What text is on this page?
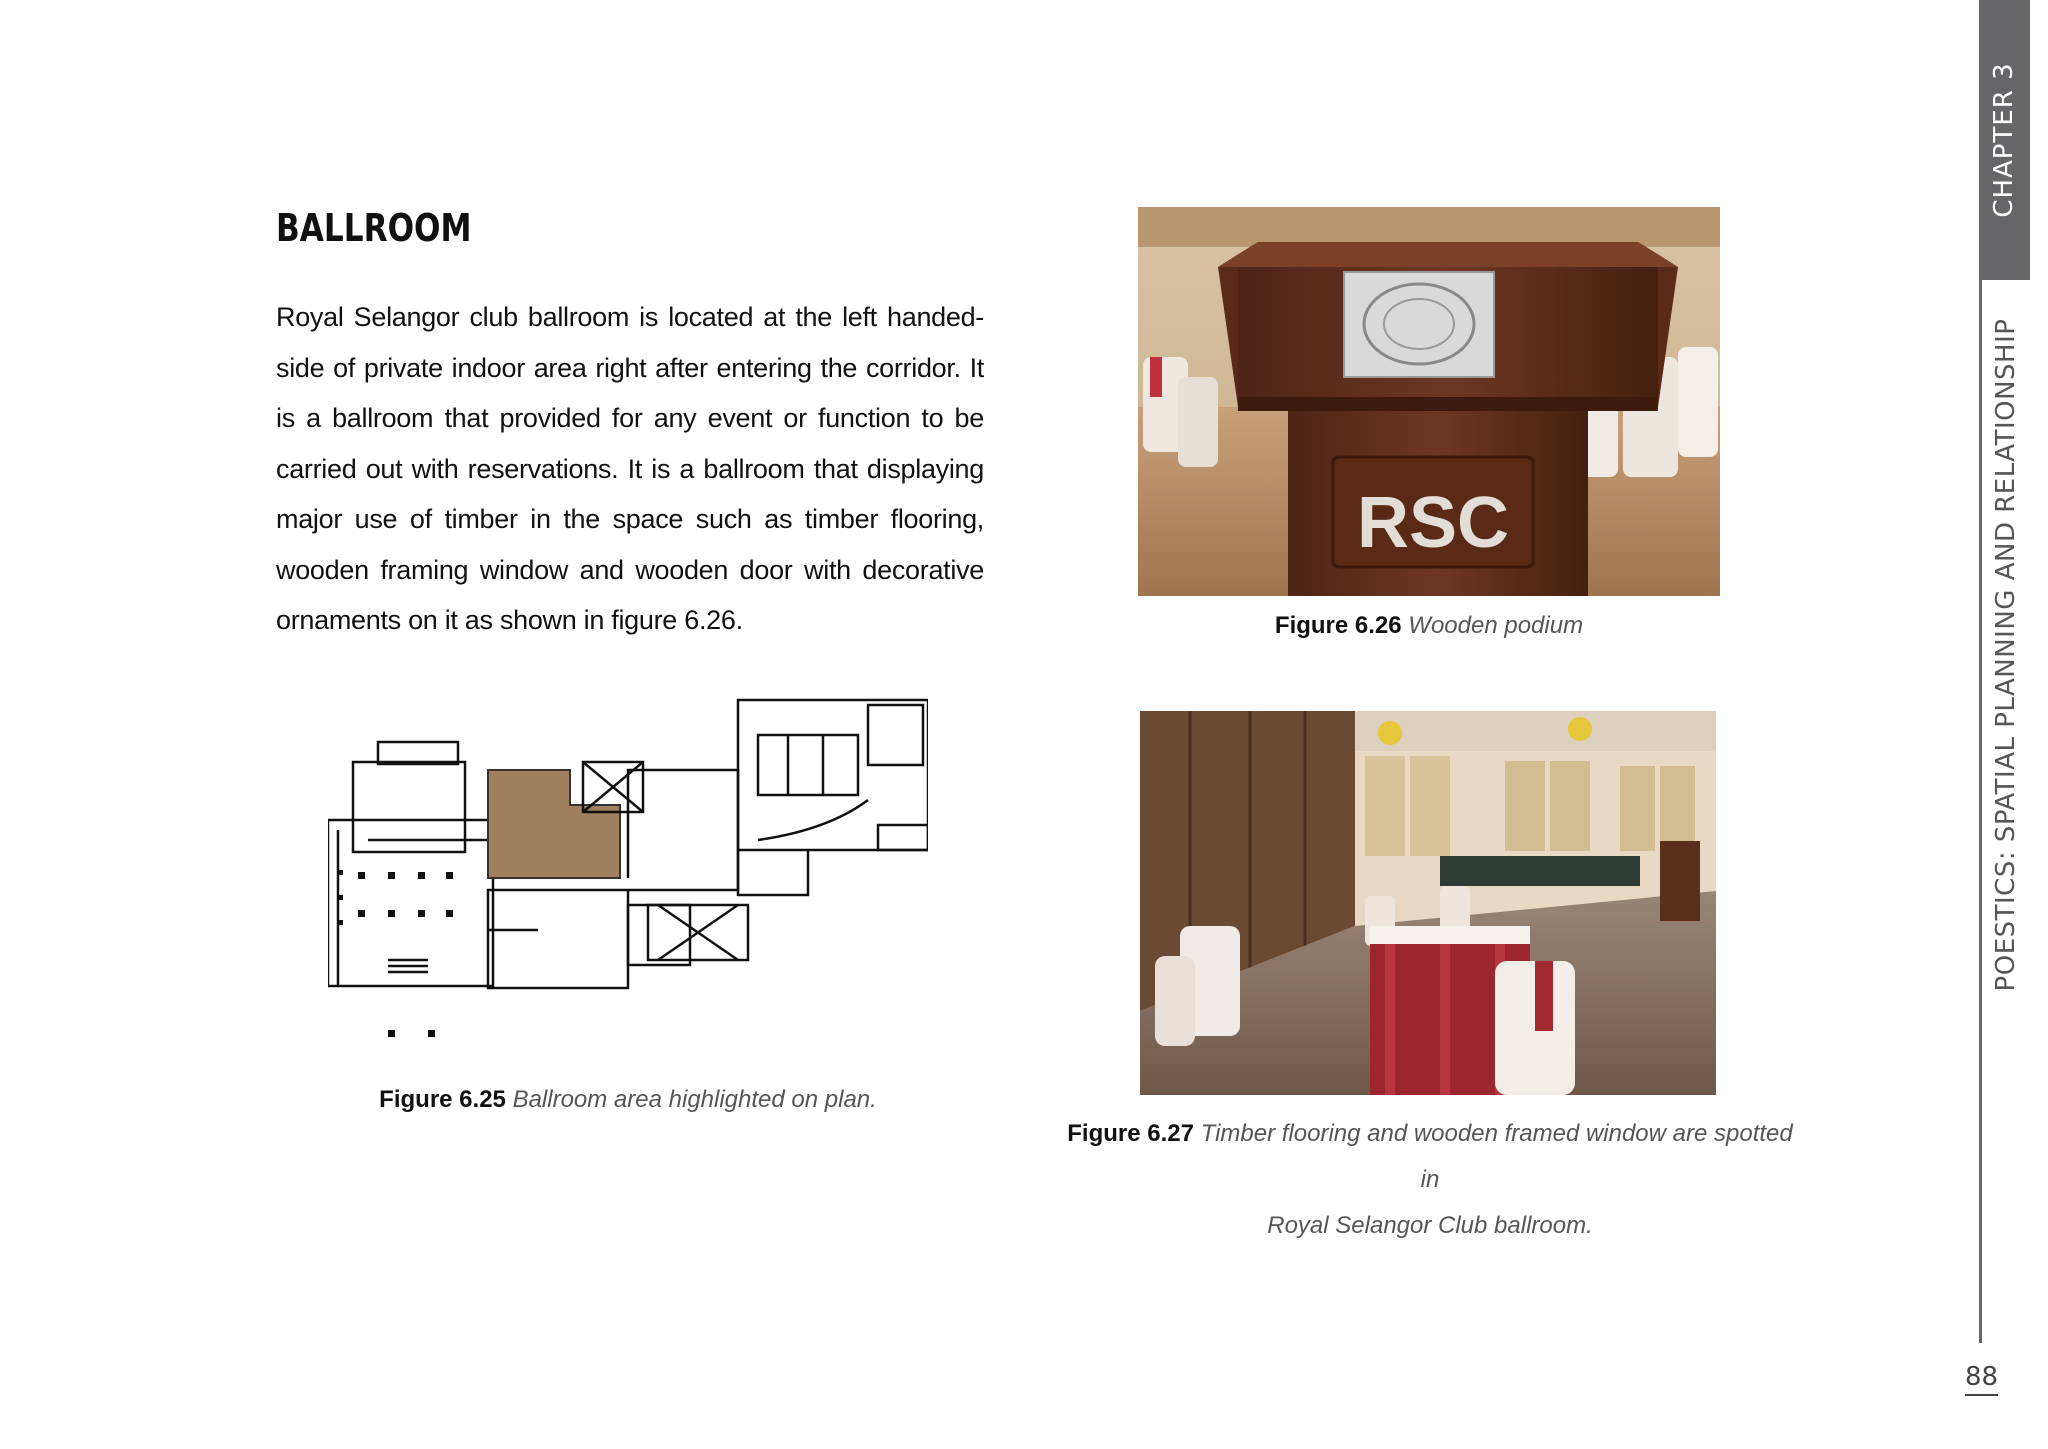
BALLROOM
Royal Selangor club ballroom is located at the left handed-side of private indoor area right after entering the corridor. It is a ballroom that provided for any event or function to be carried out with reservations. It is a ballroom that displaying major use of timber in the space such as timber flooring, wooden framing window and wooden door with decorative ornaments on it as shown in figure 6.26.
RSC
Figure 6.26 Wooden podium
Figure 6.27 Timber flooring and wooden framed window are spotted in
Royal Selangor Club ballroom.
Figure 6.25 Ballroom area highlighted on plan.
CHAPTER 3
POESTICS: SPATIAL PLANNING AND RELATIONSHIP
88
